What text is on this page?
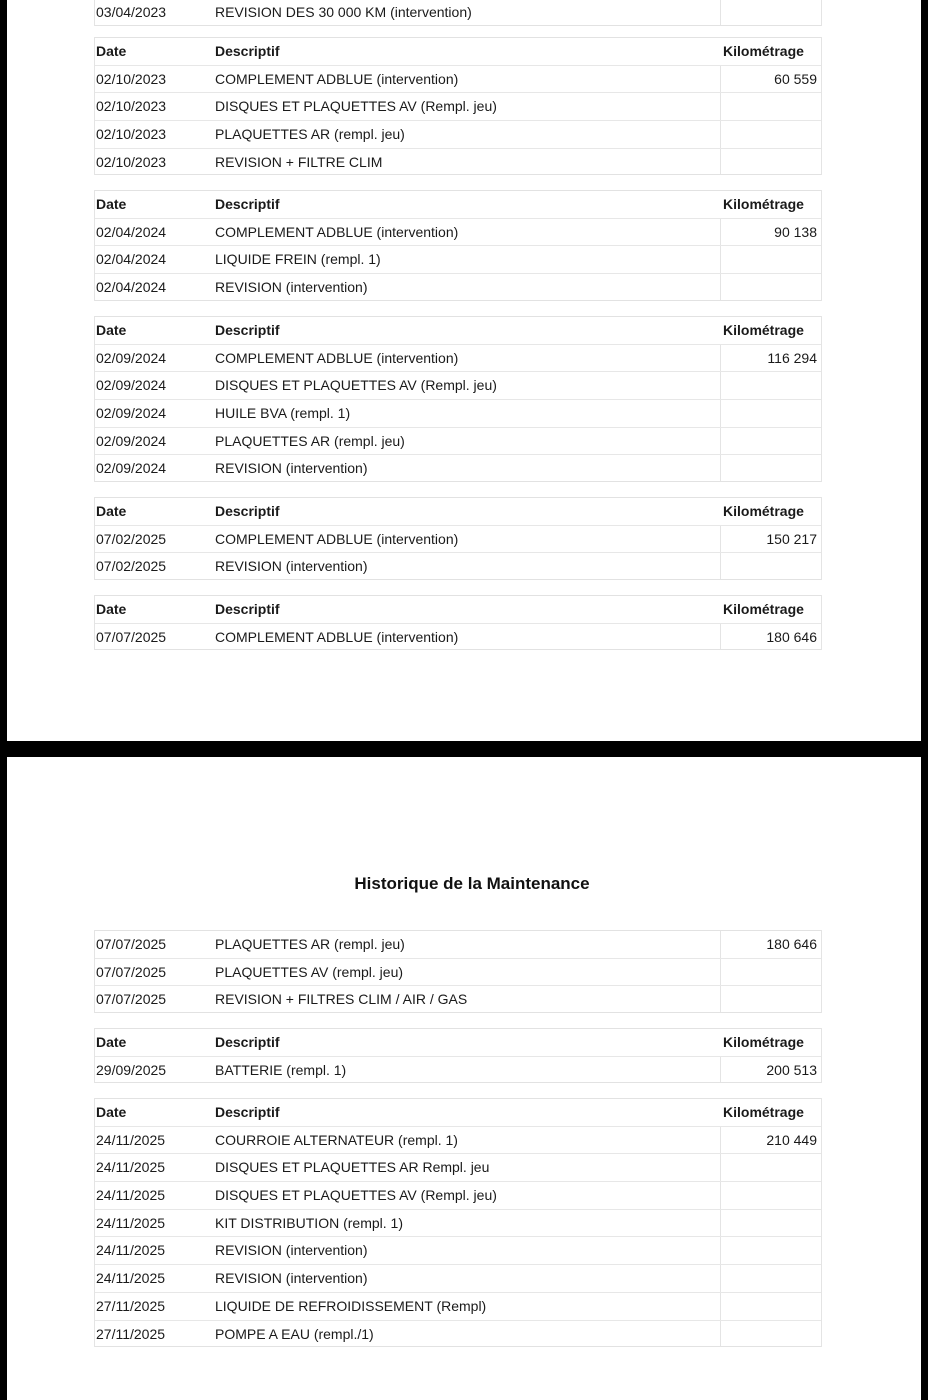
03/04/2023	REVISION DES 30 000 KM (intervention)
Date	Descriptif	Kilométrage
02/10/2023	COMPLEMENT ADBLUE (intervention)	60 559
02/10/2023	DISQUES ET PLAQUETTES AV (Rempl. jeu)
02/10/2023	PLAQUETTES AR (rempl. jeu)
02/10/2023	REVISION + FILTRE CLIM
Date	Descriptif	Kilométrage
02/04/2024	COMPLEMENT ADBLUE (intervention)	90 138
02/04/2024	LIQUIDE FREIN (rempl. 1)
02/04/2024	REVISION (intervention)
Date	Descriptif	Kilométrage
02/09/2024	COMPLEMENT ADBLUE (intervention)	116 294
02/09/2024	DISQUES ET PLAQUETTES AV (Rempl. jeu)
02/09/2024	HUILE BVA (rempl. 1)
02/09/2024	PLAQUETTES AR (rempl. jeu)
02/09/2024	REVISION (intervention)
Date	Descriptif	Kilométrage
07/02/2025	COMPLEMENT ADBLUE (intervention)	150 217
07/02/2025	REVISION (intervention)
Date	Descriptif	Kilométrage
07/07/2025	COMPLEMENT ADBLUE (intervention)	180 646
Historique de la Maintenance
07/07/2025	PLAQUETTES AR (rempl. jeu)	180 646
07/07/2025	PLAQUETTES AV (rempl. jeu)
07/07/2025	REVISION + FILTRES CLIM / AIR / GAS
Date	Descriptif	Kilométrage
29/09/2025	BATTERIE (rempl. 1)	200 513
Date	Descriptif	Kilométrage
24/11/2025	COURROIE ALTERNATEUR (rempl. 1)	210 449
24/11/2025	DISQUES ET PLAQUETTES AR Rempl. jeu
24/11/2025	DISQUES ET PLAQUETTES AV (Rempl. jeu)
24/11/2025	KIT DISTRIBUTION (rempl. 1)
24/11/2025	REVISION (intervention)
24/11/2025	REVISION (intervention)
27/11/2025	LIQUIDE DE REFROIDISSEMENT (Rempl)
27/11/2025	POMPE A EAU (rempl./1)
